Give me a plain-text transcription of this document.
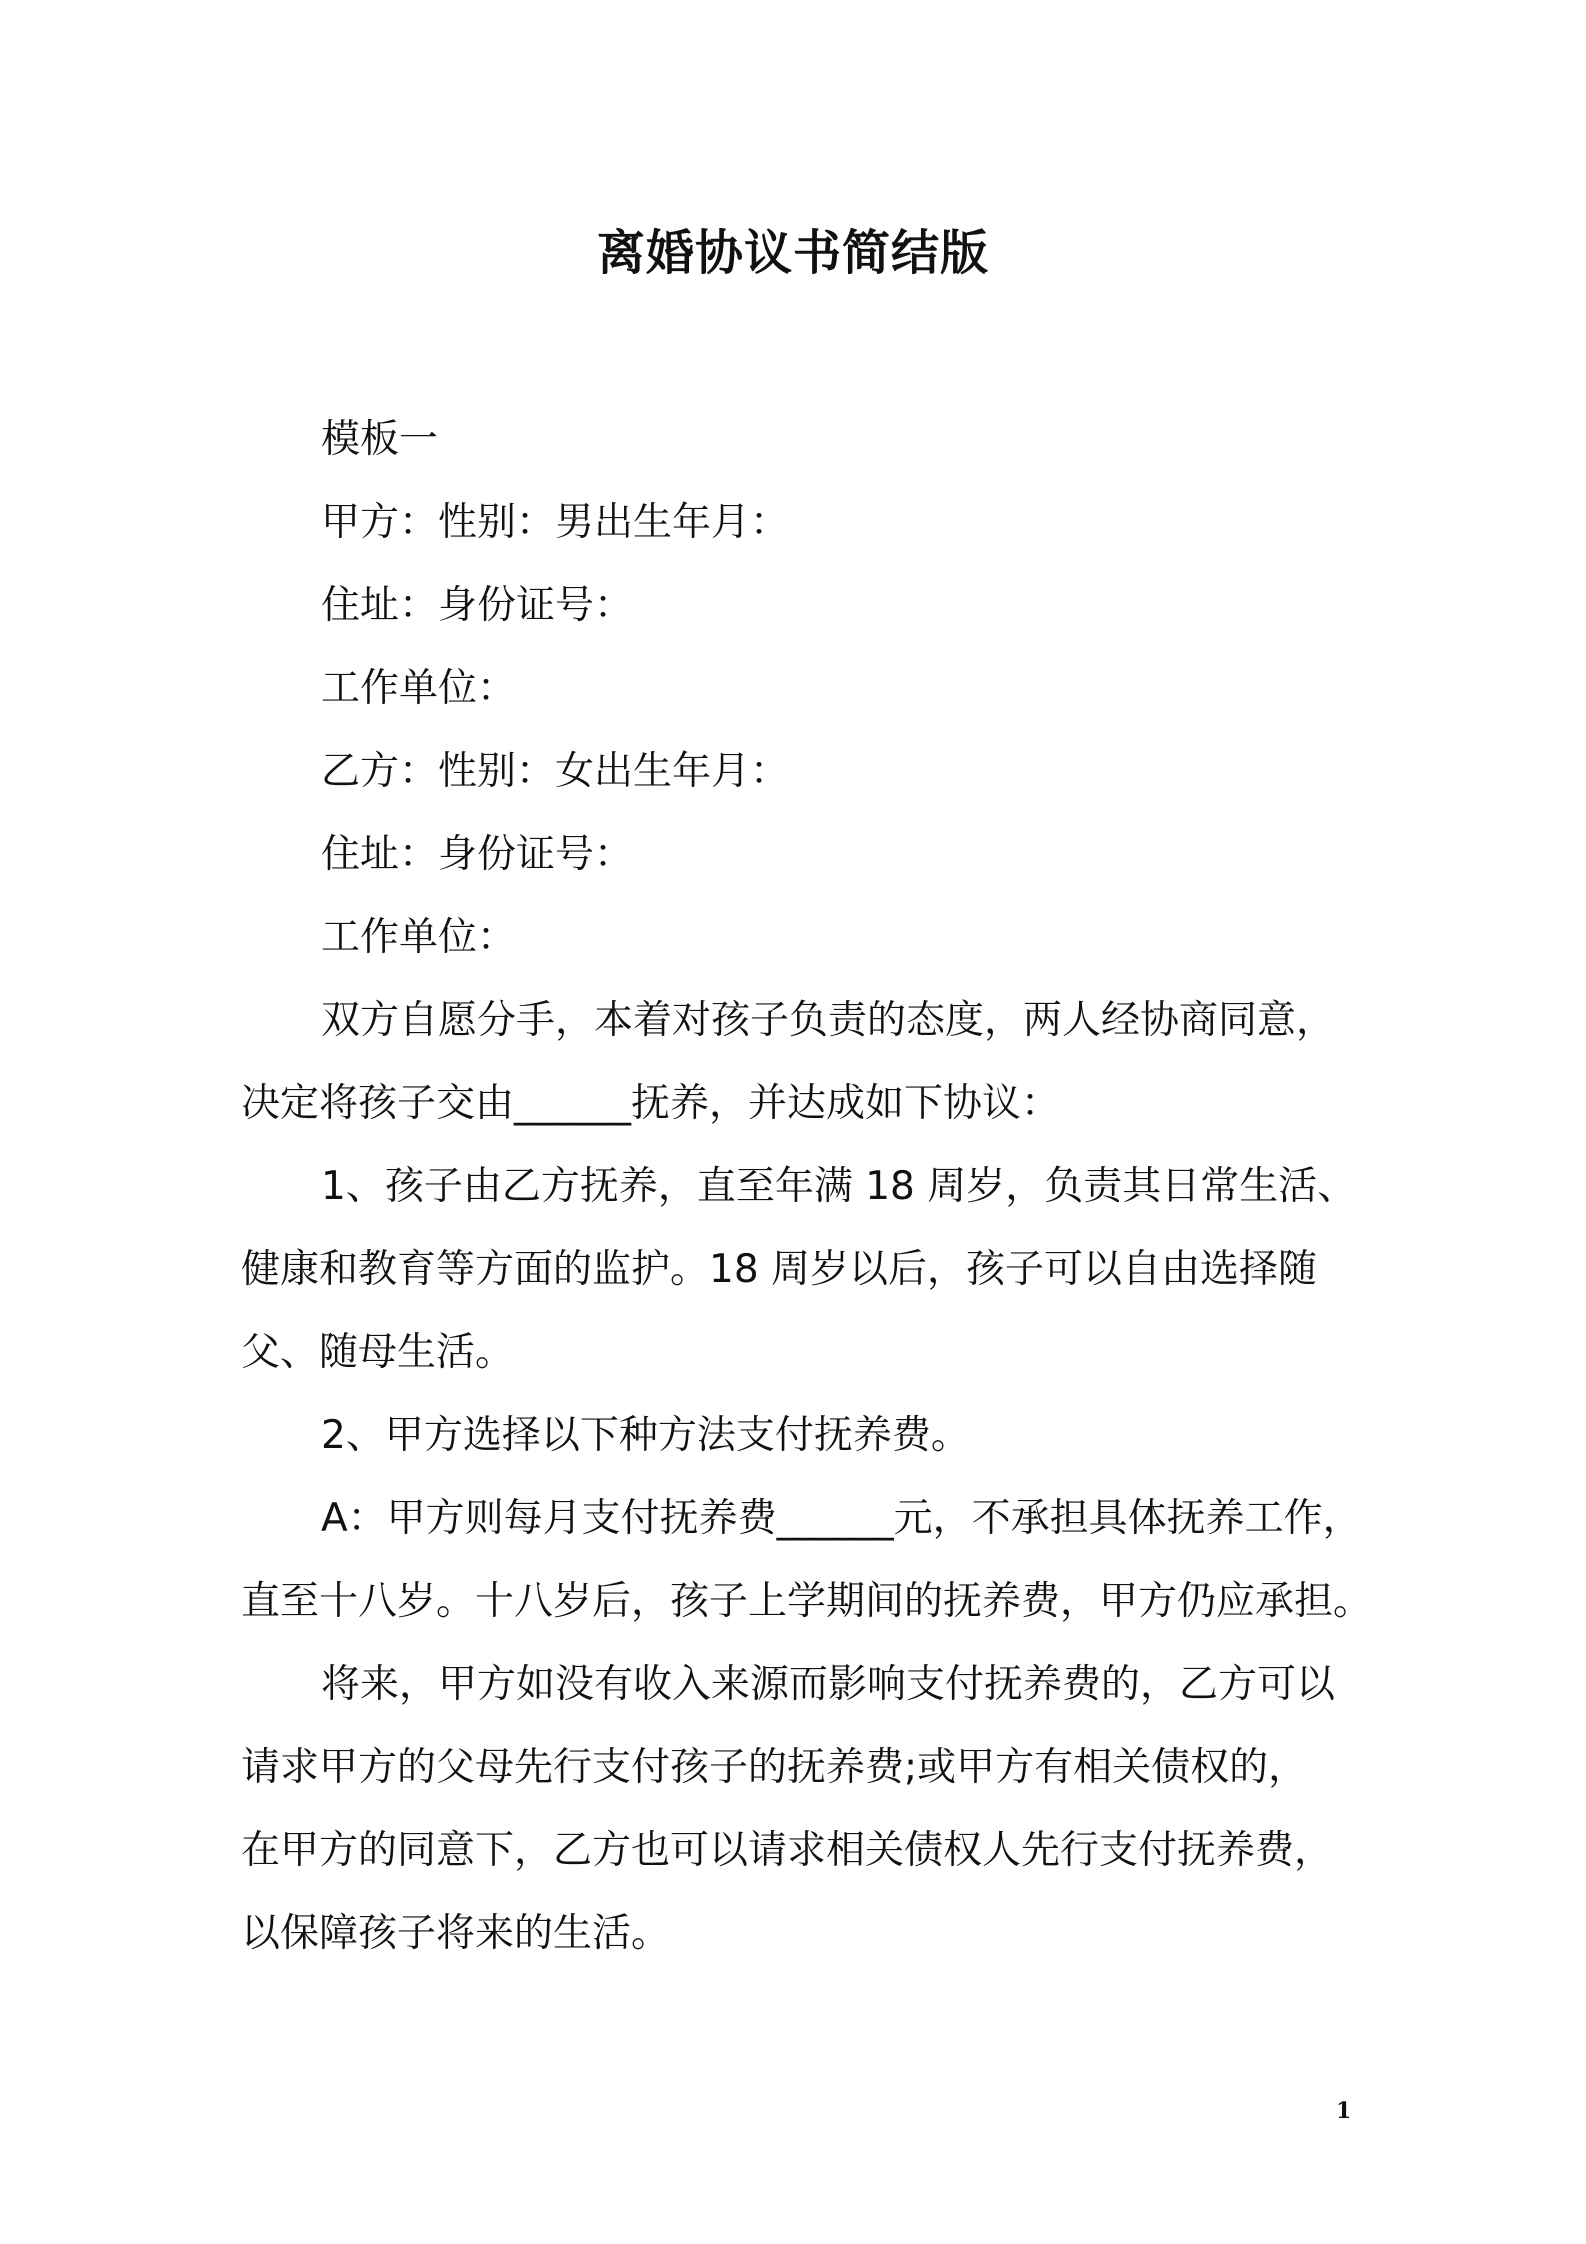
离婚协议书简结版
模板一
甲方：性别：男出生年月：
住址：身份证号：
工作单位：
乙方：性别：女出生年月：
住址：身份证号：
工作单位：
双方自愿分手，本着对孩子负责的态度，两人经协商同意，
决定将孩子交由______抚养，并达成如下协议：
1、孩子由乙方抚养，直至年满 18 周岁，负责其日常生活、
健康和教育等方面的监护。18 周岁以后，孩子可以自由选择随
父、随母生活。
2、甲方选择以下种方法支付抚养费。
A：甲方则每月支付抚养费______元，不承担具体抚养工作，
直至十八岁。十八岁后，孩子上学期间的抚养费，甲方仍应承担。
将来，甲方如没有收入来源而影响支付抚养费的，乙方可以
请求甲方的父母先行支付孩子的抚养费;或甲方有相关债权的，
在甲方的同意下，乙方也可以请求相关债权人先行支付抚养费，
以保障孩子将来的生活。
1
